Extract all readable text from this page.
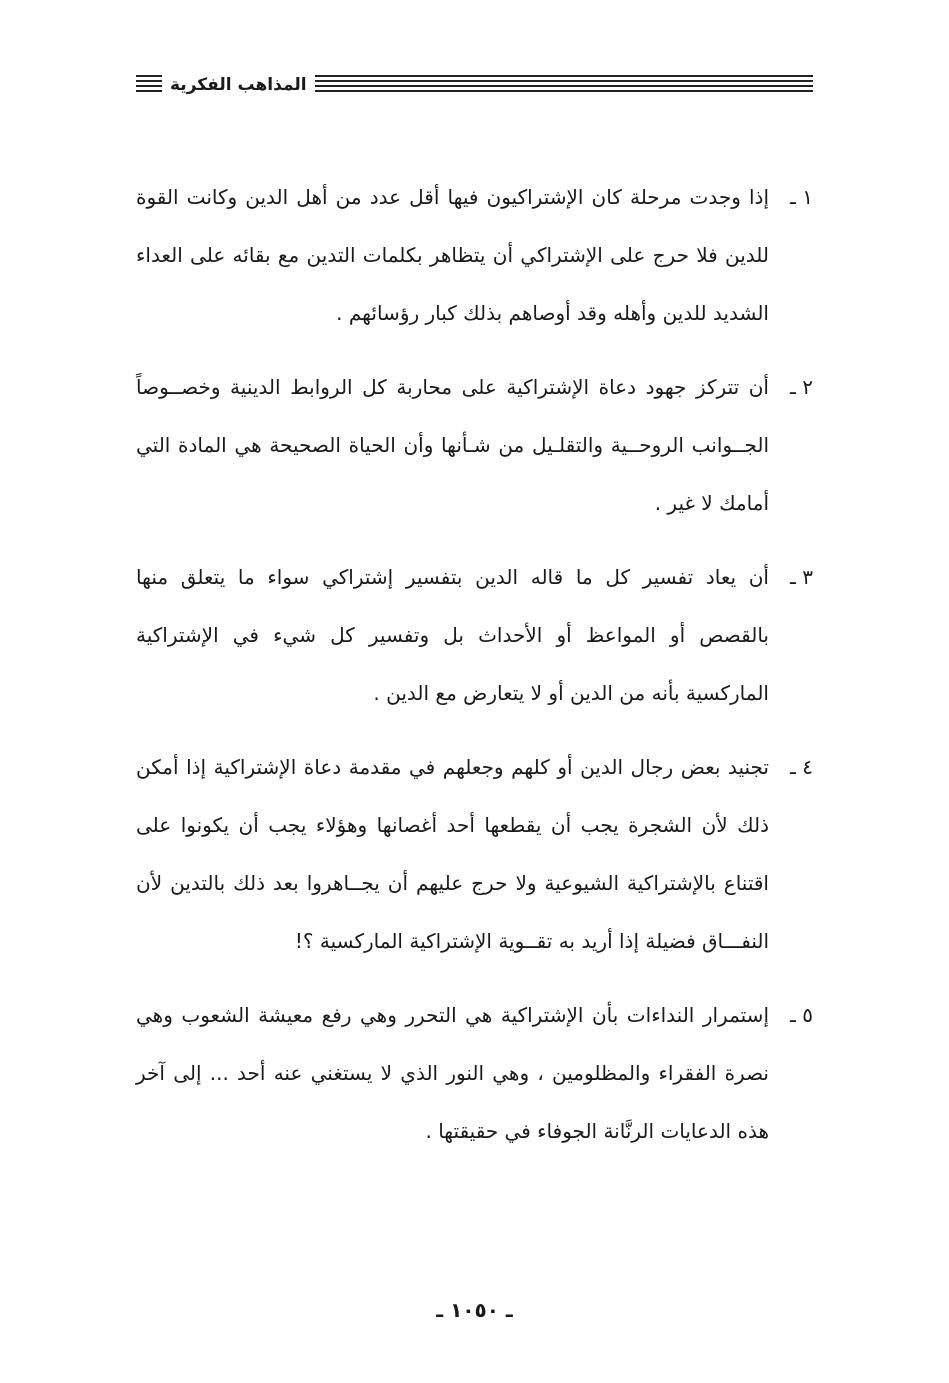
المذاهب الفكرية
١ ـ
إذا وجدت مرحلة كان الإشتراكيون فيها أقل عدد من أهل الدين وكانت القوة للدين فلا حرج على الإشتراكي أن يتظاهر بكلمات التدين مع بقائه على العداء الشديد للدين وأهله وقد أوصاهم بذلك كبار رؤسائهم .
٢ ـ
أن تتركز جهود دعاة الإشتراكية على محاربة كل الروابط الدينية وخصــوصاً الجــوانب الروحــية والتقلـيل من شـأنها وأن الحياة الصحيحة هي المادة التي أمامك لا غير .
٣ ـ
أن يعاد تفسير كل ما قاله الدين بتفسير إشتراكي سواء ما يتعلق منها بالقصص أو المواعظ أو الأحداث بل وتفسير كل شيء في الإشتراكية الماركسية بأنه من الدين أو لا يتعارض مع الدين .
٤ ـ
تجنيد بعض رجال الدين أو كلهم وجعلهم في مقدمة دعاة الإشتراكية إذا أمكن ذلك لأن الشجرة يجب أن يقطعها أحد أغصانها وهؤلاء يجب أن يكونوا على اقتناع بالإشتراكية الشيوعية ولا حرج عليهم أن يجــاهروا بعد ذلك بالتدين لأن النفـــاق فضيلة إذا أريد به تقــوية الإشتراكية الماركسية ؟!
٥ ـ
إستمرار النداءات بأن الإشتراكية هي التحرر وهي رفع معيشة الشعوب وهي نصرة الفقراء والمظلومين ، وهي النور الذي لا يستغني عنه أحد ... إلى آخر هذه الدعايات الرنَّانة الجوفاء في حقيقتها .
ـ ١٠٥٠ ـ
